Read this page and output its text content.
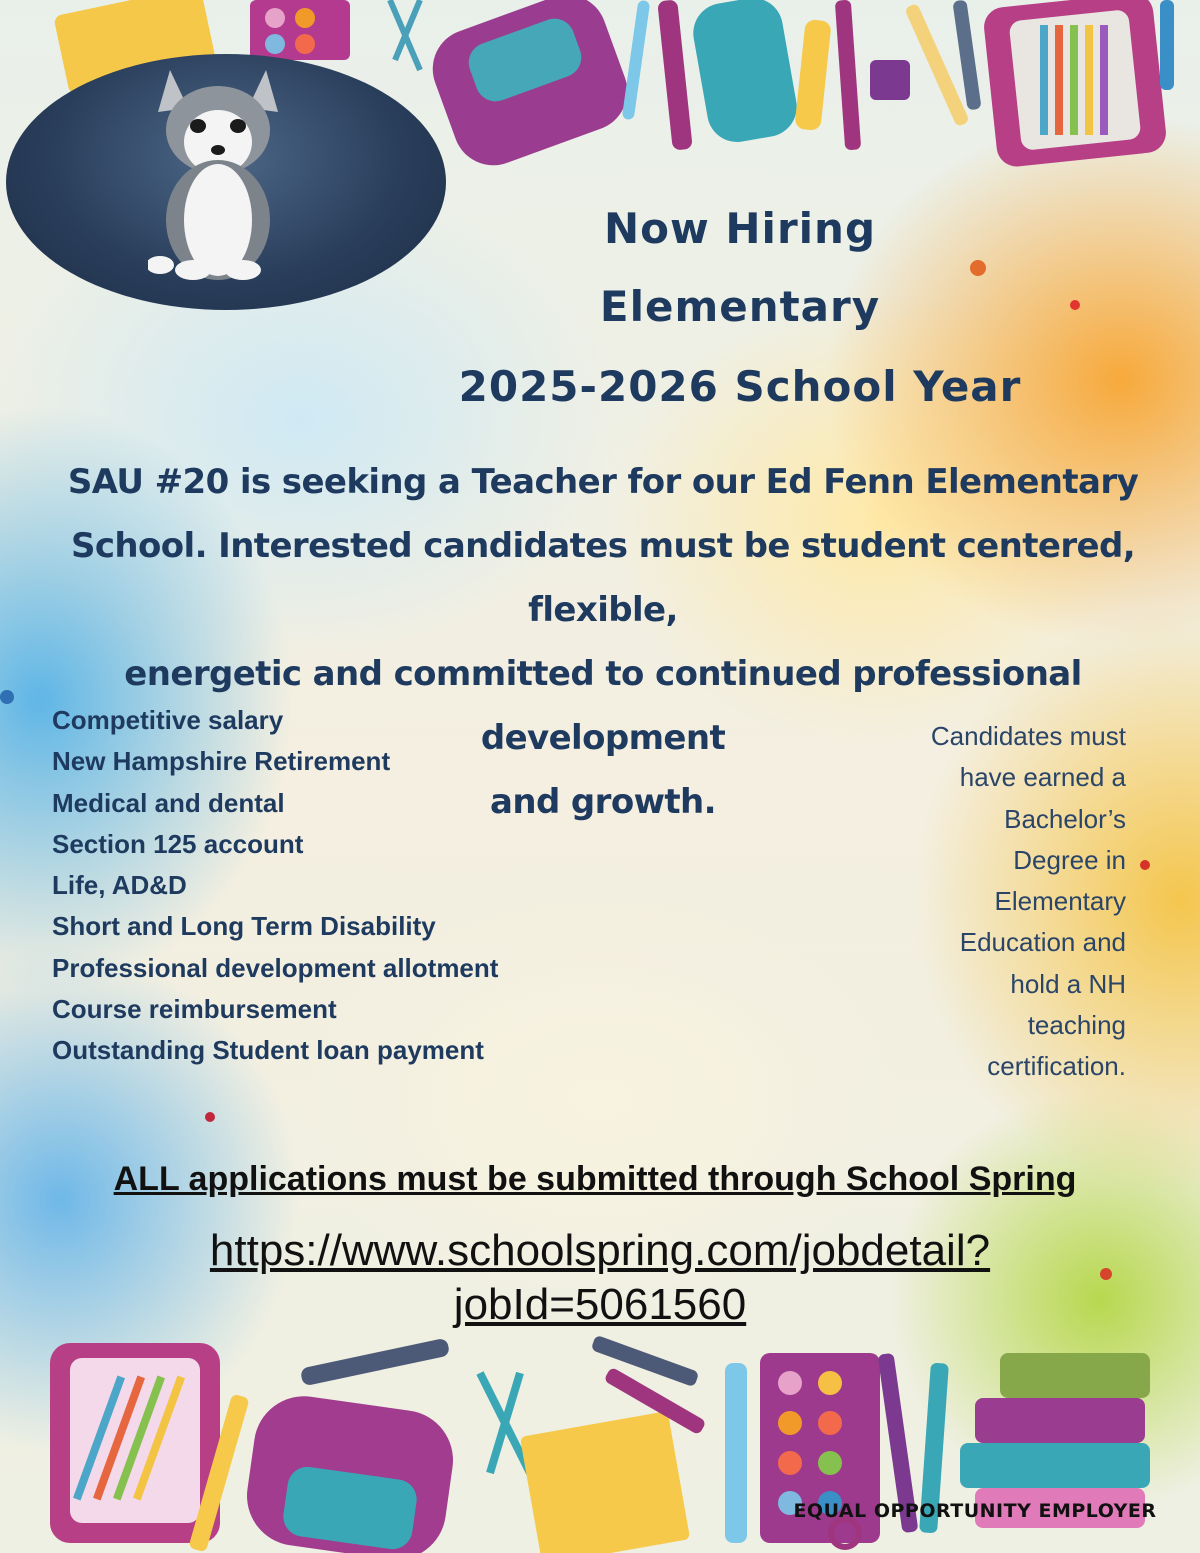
Now Hiring
Elementary
2025-2026 School Year
SAU #20 is seeking a Teacher for our Ed Fenn Elementary
School. Interested candidates must be student centered, flexible,
energetic and committed to continued professional development
and growth.
Competitive salary
New Hampshire Retirement
Medical and dental
Section 125 account
Life, AD&D
Short and Long Term Disability
Professional development allotment
Course reimbursement
Outstanding Student loan payment
Candidates must
have earned a
Bachelor’s
Degree in
Elementary
Education and
hold a NH
teaching
certification.
ALL applications must be submitted through School Spring
https://www.schoolspring.com/jobdetail?
jobId=5061560
EQUAL OPPORTUNITY EMPLOYER
